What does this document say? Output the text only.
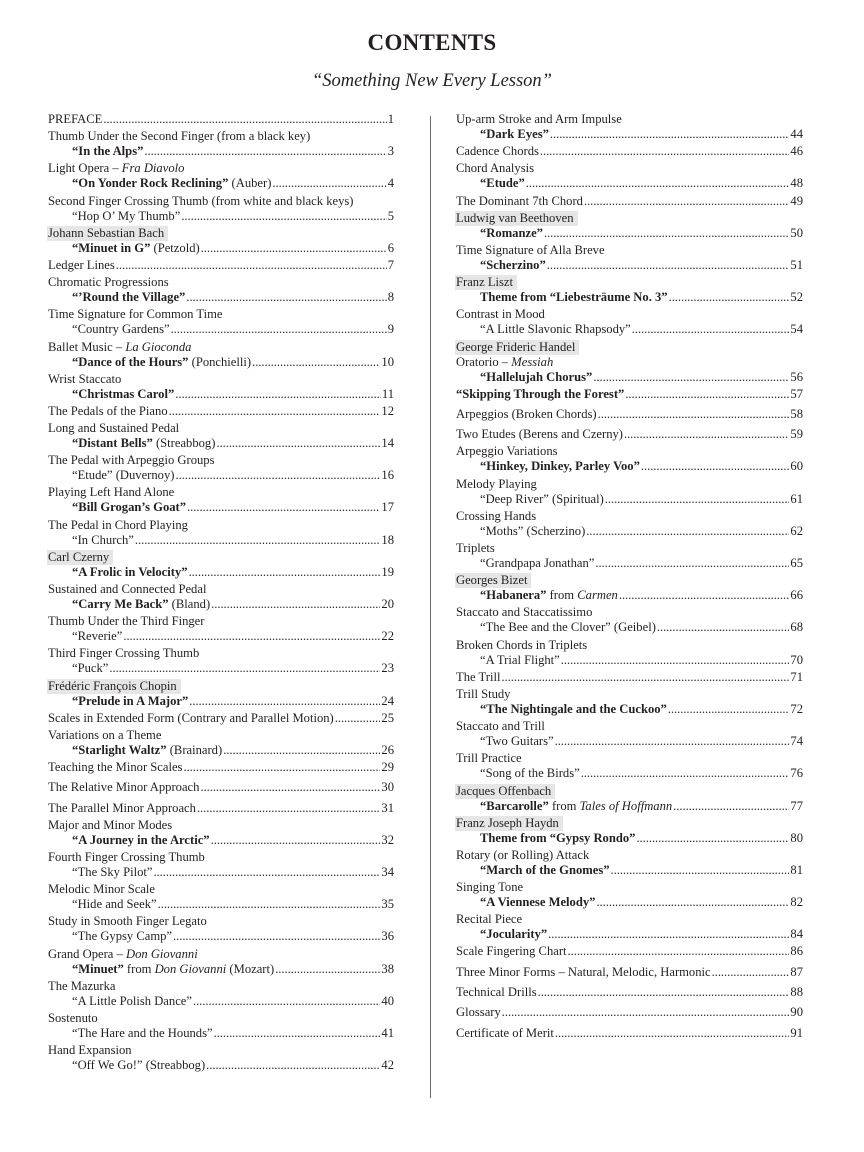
CONTENTS
“Something New Every Lesson”
PREFACE . . .	1
Thumb Under the Second Finger (from a black key)
“In the Alps” . . .	3
Light Opera – Fra Diavolo
“On Yonder Rock Reclining” (Auber) . . .	4
Second Finger Crossing Thumb (from white and black keys)
“Hop O’ My Thumb” . . .	5
Johann Sebastian Bach
“Minuet in G” (Petzold) . . .	6
Ledger Lines . . .	7
Chromatic Progressions
“’Round the Village” . . .	8
Time Signature for Common Time
“Country Gardens” . . .	9
Ballet Music – La Gioconda
“Dance of the Hours” (Ponchielli) . . .	10
Wrist Staccato
“Christmas Carol” . . .	11
The Pedals of the Piano . . .	12
Long and Sustained Pedal
“Distant Bells” (Streabbog) . . .	14
The Pedal with Arpeggio Groups
“Etude” (Duvernoy) . . .	16
Playing Left Hand Alone
“Bill Grogan’s Goat” . . .	17
The Pedal in Chord Playing
“In Church” . . .	18
Carl Czerny
“A Frolic in Velocity” . . .	19
Sustained and Connected Pedal
“Carry Me Back” (Bland) . . .	20
Thumb Under the Third Finger
“Reverie” . . .	22
Third Finger Crossing Thumb
“Puck” . . .	23
Frédéric François Chopin
“Prelude in A Major” . . .	24
Scales in Extended Form (Contrary and Parallel Motion) . . .	25
Variations on a Theme
“Starlight Waltz” (Brainard) . . .	26
Teaching the Minor Scales . . .	29
The Relative Minor Approach . . .	30
The Parallel Minor Approach . . .	31
Major and Minor Modes
“A Journey in the Arctic” . . .	32
Fourth Finger Crossing Thumb
“The Sky Pilot” . . .	34
Melodic Minor Scale
“Hide and Seek” . . .	35
Study in Smooth Finger Legato
“The Gypsy Camp” . . .	36
Grand Opera – Don Giovanni
“Minuet” from Don Giovanni (Mozart) . . .	38
The Mazurka
“A Little Polish Dance” . . .	40
Sostenuto
“The Hare and the Hounds” . . .	41
Hand Expansion
“Off We Go!” (Streabbog) . . .	42
Up-arm Stroke and Arm Impulse
“Dark Eyes” . . .	44
Cadence Chords . . .	46
Chord Analysis
“Etude” . . .	48
The Dominant 7th Chord . . .	49
Ludwig van Beethoven
“Romanze” . . .	50
Time Signature of Alla Breve
“Scherzino” . . .	51
Franz Liszt
Theme from “Liebesträume No. 3” . . .	52
Contrast in Mood
“A Little Slavonic Rhapsody” . . .	54
George Frideric Handel
Oratorio – Messiah
“Hallelujah Chorus” . . .	56
“Skipping Through the Forest” . . .	57
Arpeggios (Broken Chords) . . .	58
Two Etudes (Berens and Czerny) . . .	59
Arpeggio Variations
“Hinkey, Dinkey, Parley Voo” . . .	60
Melody Playing
“Deep River” (Spiritual) . . .	61
Crossing Hands
“Moths” (Scherzino) . . .	62
Triplets
“Grandpapa Jonathan” . . .	65
Georges Bizet
“Habanera” from Carmen . . .	66
Staccato and Staccatissimo
“The Bee and the Clover” (Geibel) . . .	68
Broken Chords in Triplets
“A Trial Flight” . . .	70
The Trill . . .	71
Trill Study
“The Nightingale and the Cuckoo” . . .	72
Staccato and Trill
“Two Guitars” . . .	74
Trill Practice
“Song of the Birds” . . .	76
Jacques Offenbach
“Barcarolle” from Tales of Hoffmann . . .	77
Franz Joseph Haydn
Theme from “Gypsy Rondo” . . .	80
Rotary (or Rolling) Attack
“March of the Gnomes” . . .	81
Singing Tone
“A Viennese Melody” . . .	82
Recital Piece
“Jocularity” . . .	84
Scale Fingering Chart . . .	86
Three Minor Forms – Natural, Melodic, Harmonic . . .	87
Technical Drills . . .	88
Glossary . . .	90
Certificate of Merit . . .	91
